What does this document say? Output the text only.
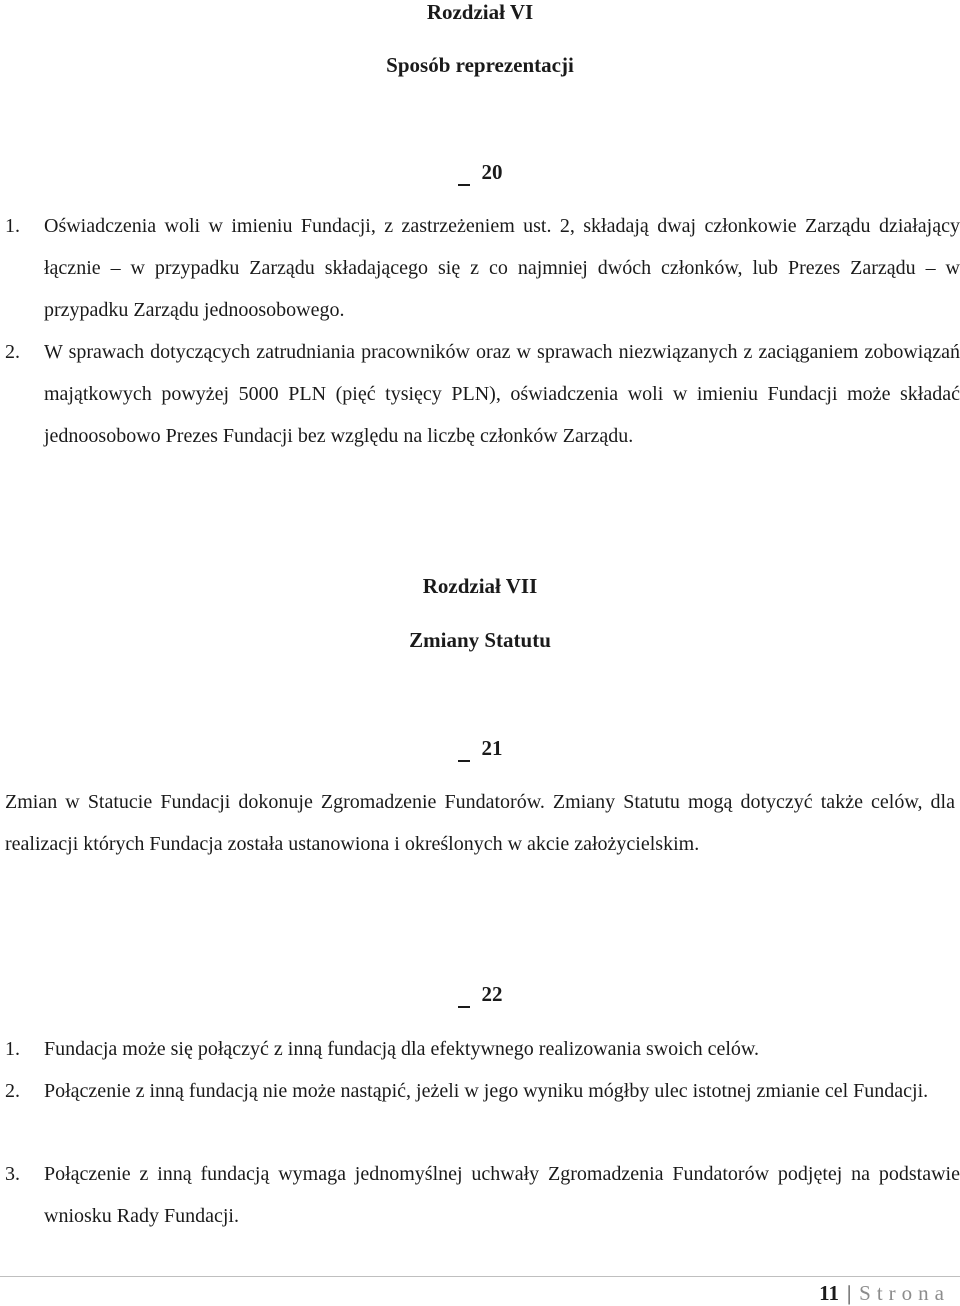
Rozdział VI
Sposób reprezentacji
20
1. Oświadczenia woli w imieniu Fundacji, z zastrzeżeniem ust. 2, składają dwaj członkowie Zarządu działający łącznie – w przypadku Zarządu składającego się z co najmniej dwóch członków, lub Prezes Zarządu – w przypadku Zarządu jednoosobowego.
2. W sprawach dotyczących zatrudniania pracowników oraz w sprawach niezwiązanych z zaciąganiem zobowiązań majątkowych powyżej 5000 PLN (pięć tysięcy PLN), oświadczenia woli w imieniu Fundacji może składać jednoosobowo Prezes Fundacji bez względu na liczbę członków Zarządu.
Rozdział VII
Zmiany Statutu
21
Zmian w Statucie Fundacji dokonuje Zgromadzenie Fundatorów. Zmiany Statutu mogą dotyczyć także celów, dla realizacji których Fundacja została ustanowiona i określonych w akcie założycielskim.
22
1. Fundacja może się połączyć z inną fundacją dla efektywnego realizowania swoich celów.
2. Połączenie z inną fundacją nie może nastąpić, jeżeli w jego wyniku mógłby ulec istotnej zmianie cel Fundacji.
3. Połączenie z inną fundacją wymaga jednomyślnej uchwały Zgromadzenia Fundatorów podjętej na podstawie wniosku Rady Fundacji.
11 | Strona
